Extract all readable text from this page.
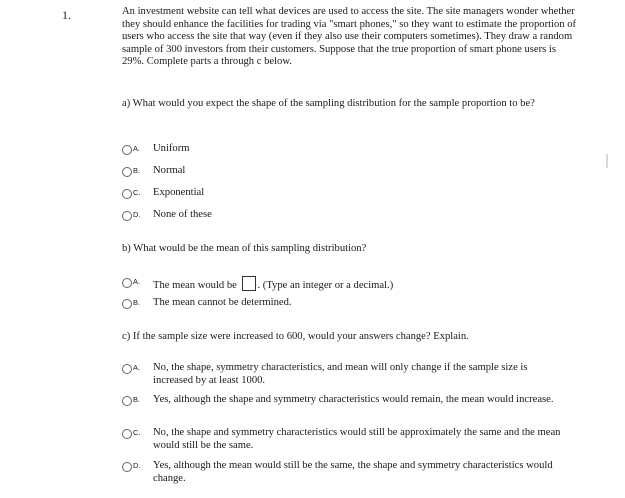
1.	An investment website can tell what devices are used to access the site. The site managers wonder whether they should enhance the facilities for trading via "smart phones," so they want to estimate the proportion of users who access the site that way (even if they also use their computers sometimes). They draw a random sample of 300 investors from their customers. Suppose that the true proportion of smart phone users is 29%. Complete parts a through c below.
a) What would you expect the shape of the sampling distribution for the sample proportion to be?
A. Uniform
B. Normal
C. Exponential
D. None of these
b) What would be the mean of this sampling distribution?
A. The mean would be . (Type an integer or a decimal.)
B. The mean cannot be determined.
c) If the sample size were increased to 600, would your answers change? Explain.
A. No, the shape, symmetry characteristics, and mean will only change if the sample size is increased by at least 1000.
B. Yes, although the shape and symmetry characteristics would remain, the mean would increase.
C. No, the shape and symmetry characteristics would still be approximately the same and the mean would still be the same.
D. Yes, although the mean would still be the same, the shape and symmetry characteristics would change.
